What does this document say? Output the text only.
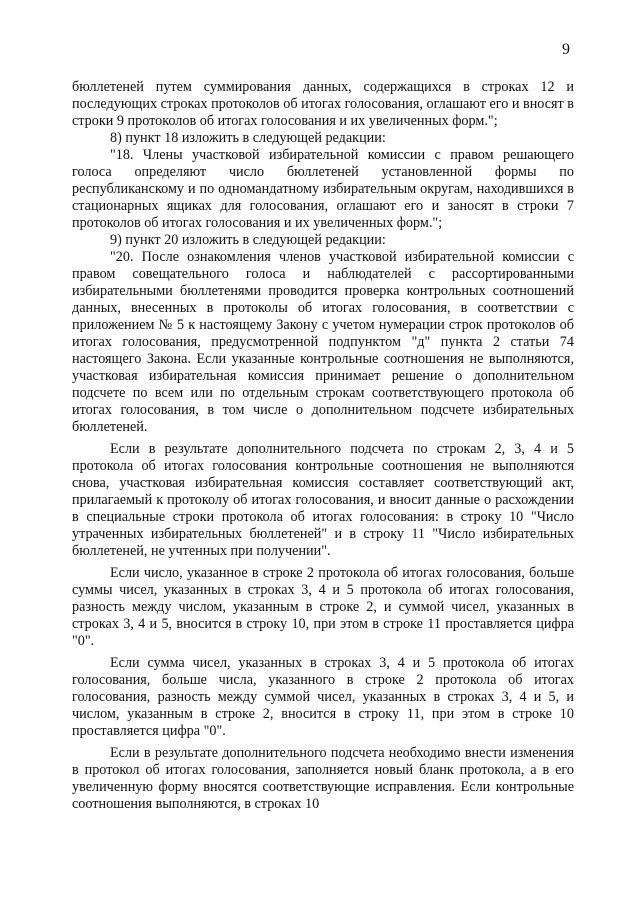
9

бюллетеней путем суммирования данных, содержащихся в строках 12 и последующих строках протоколов об итогах голосования, оглашают его и вносят в строки 9 протоколов об итогах голосования и их увеличенных форм.";

8) пункт 18 изложить в следующей редакции:

"18. Члены участковой избирательной комиссии с правом решающего голоса определяют число бюллетеней установленной формы по республиканскому и по одномандатному избирательным округам, находившихся в стационарных ящиках для голосования, оглашают его и заносят в строки 7 протоколов об итогах голосования и их увеличенных форм.";

9) пункт 20 изложить в следующей редакции:

"20. После ознакомления членов участковой избирательной комиссии с правом совещательного голоса и наблюдателей с рассортированными избирательными бюллетенями проводится проверка контрольных соотношений данных, внесенных в протоколы об итогах голосования, в соответствии с приложением № 5 к настоящему Закону с учетом нумерации строк протоколов об итогах голосования, предусмотренной подпунктом "д" пункта 2 статьи 74 настоящего Закона. Если указанные контрольные соотношения не выполняются, участковая избирательная комиссия принимает решение о дополнительном подсчете по всем или по отдельным строкам соответствующего протокола об итогах голосования, в том числе о дополнительном подсчете избирательных бюллетеней.

Если в результате дополнительного подсчета по строкам 2, 3, 4 и 5 протокола об итогах голосования контрольные соотношения не выполняются снова, участковая избирательная комиссия составляет соответствующий акт, прилагаемый к протоколу об итогах голосования, и вносит данные о расхождении в специальные строки протокола об итогах голосования: в строку 10 "Число утраченных избирательных бюллетеней" и в строку 11 "Число избирательных бюллетеней, не учтенных при получении".

Если число, указанное в строке 2 протокола об итогах голосования, больше суммы чисел, указанных в строках 3, 4 и 5 протокола об итогах голосования, разность между числом, указанным в строке 2, и суммой чисел, указанных в строках 3, 4 и 5, вносится в строку 10, при этом в строке 11 проставляется цифра "0".

Если сумма чисел, указанных в строках 3, 4 и 5 протокола об итогах голосования, больше числа, указанного в строке 2 протокола об итогах голосования, разность между суммой чисел, указанных в строках 3, 4 и 5, и числом, указанным в строке 2, вносится в строку 11, при этом в строке 10 проставляется цифра "0".

Если в результате дополнительного подсчета необходимо внести изменения в протокол об итогах голосования, заполняется новый бланк протокола, а в его увеличенную форму вносятся соответствующие исправления. Если контрольные соотношения выполняются, в строках 10
